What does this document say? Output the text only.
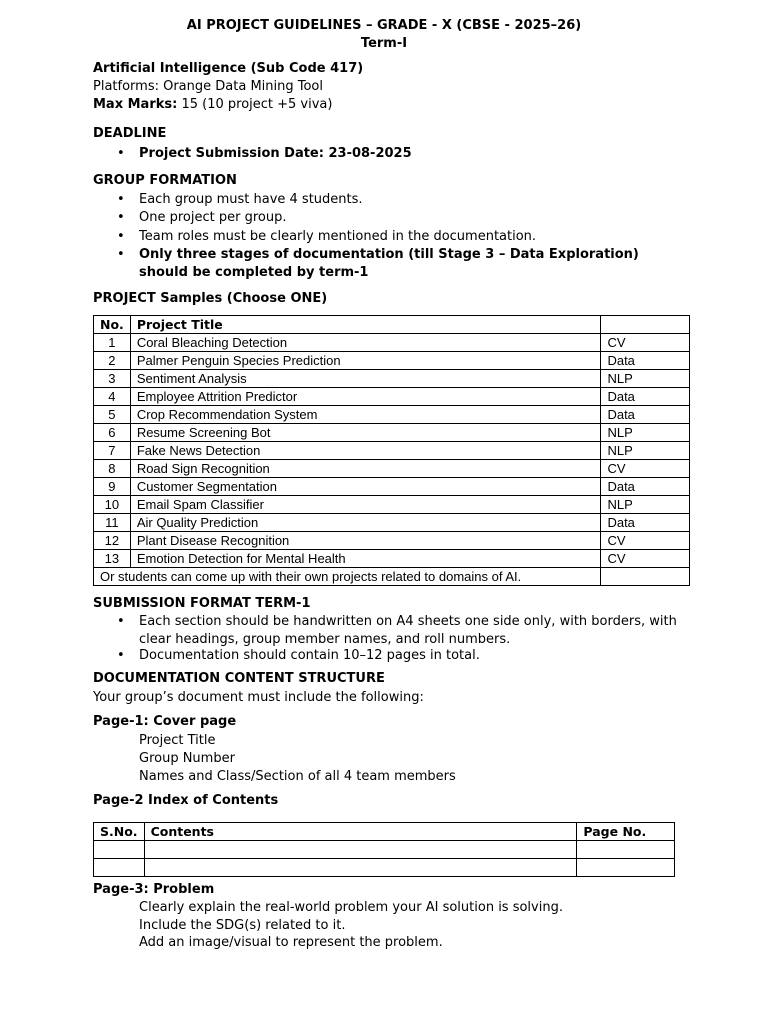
AI PROJECT GUIDELINES – GRADE - X (CBSE - 2025–26)
Term-I
Artificial Intelligence (Sub Code 417)
Platforms: Orange Data Mining Tool
Max Marks: 15 (10 project +5 viva)
DEADLINE
• Project Submission Date: 23-08-2025
GROUP FORMATION
• Each group must have 4 students.
• One project per group.
• Team roles must be clearly mentioned in the documentation.
• Only three stages of documentation (till Stage 3 – Data Exploration) should be completed by term-1
PROJECT Samples (Choose ONE)
No.	Project Title	
1	Coral Bleaching Detection	CV
2	Palmer Penguin Species Prediction	Data
3	Sentiment Analysis	NLP
4	Employee Attrition Predictor	Data
5	Crop Recommendation System	Data
6	Resume Screening Bot	NLP
7	Fake News Detection	NLP
8	Road Sign Recognition	CV
9	Customer Segmentation	Data
10	Email Spam Classifier	NLP
11	Air Quality Prediction	Data
12	Plant Disease Recognition	CV
13	Emotion Detection for Mental Health	CV
Or students can come up with their own projects related to domains of AI.		
SUBMISSION FORMAT TERM-1
• Each section should be handwritten on A4 sheets one side only, with borders, with clear headings, group member names, and roll numbers.
• Documentation should contain 10–12 pages in total.
DOCUMENTATION CONTENT STRUCTURE
Your group’s document must include the following:
Page-1: Cover page
Project Title
Group Number
Names and Class/Section of all 4 team members
Page-2 Index of Contents
S.No.	Contents	Page No.

Page-3: Problem
Clearly explain the real-world problem your AI solution is solving.
Include the SDG(s) related to it.
Add an image/visual to represent the problem.
